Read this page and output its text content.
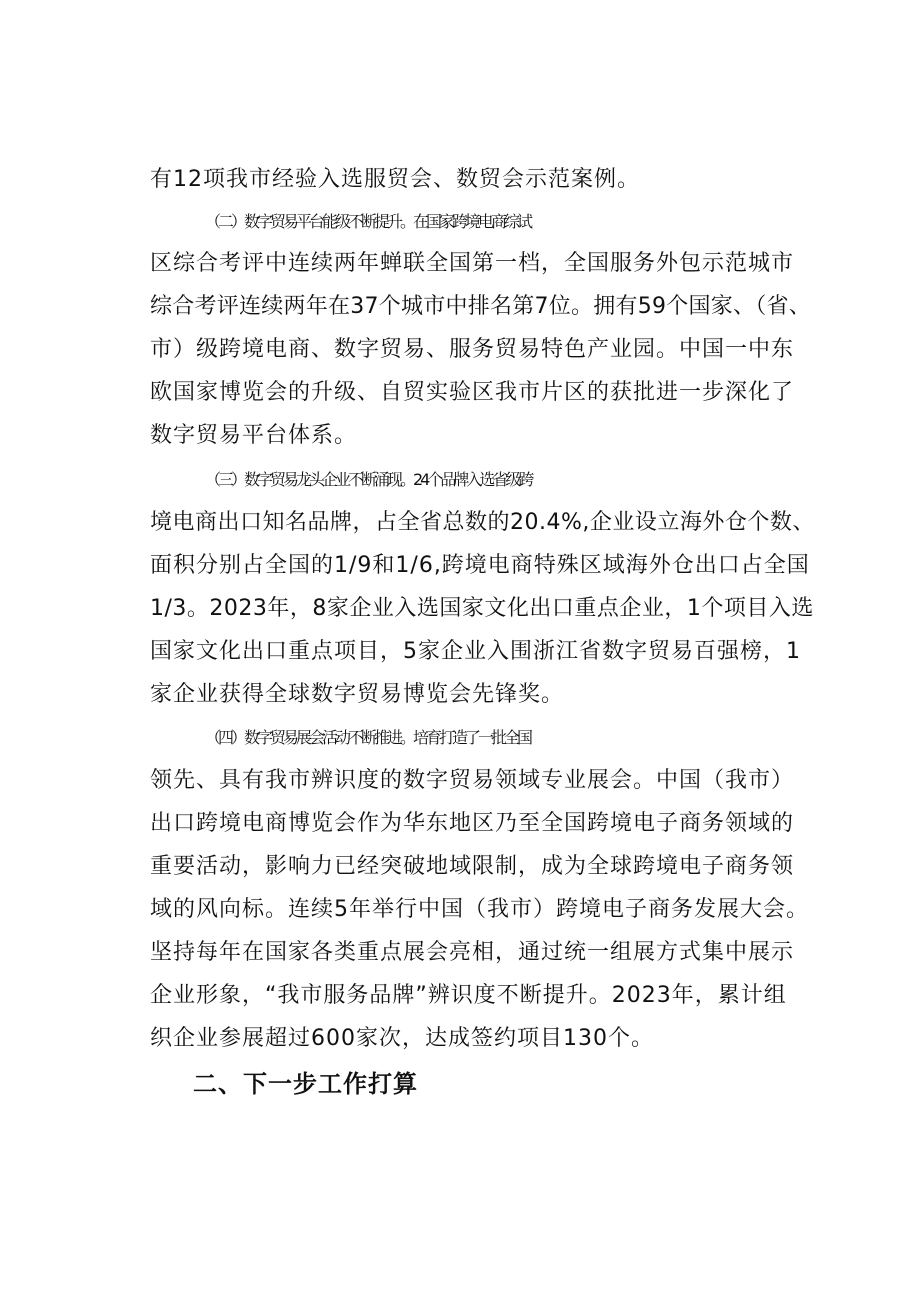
有12项我市经验入选服贸会、数贸会示范案例。
（二）数字贸易平台能级不断提升。在国家跨境电商综试
区综合考评中连续两年蝉联全国第一档，全国服务外包示范城市
综合考评连续两年在37个城市中排名第7位。拥有59个国家、（省、
市）级跨境电商、数字贸易、服务贸易特色产业园。中国一中东
欧国家博览会的升级、自贸实验区我市片区的获批进一步深化了
数字贸易平台体系。
（三）数字贸易龙头企业不断涌现。24个品牌入选省级跨
境电商出口知名品牌，占全省总数的20.4%,企业设立海外仓个数、
面积分别占全国的1/9和1/6,跨境电商特殊区域海外仓出口占全国
1/3。2023年，8家企业入选国家文化出口重点企业，1个项目入选
国家文化出口重点项目，5家企业入围浙江省数字贸易百强榜，1
家企业获得全球数字贸易博览会先锋奖。
（四）数字贸易展会活动不断推进。培育打造了一批全国
领先、具有我市辨识度的数字贸易领域专业展会。中国（我市）
出口跨境电商博览会作为华东地区乃至全国跨境电子商务领域的
重要活动，影响力已经突破地域限制，成为全球跨境电子商务领
域的风向标。连续5年举行中国（我市）跨境电子商务发展大会。
坚持每年在国家各类重点展会亮相，通过统一组展方式集中展示
企业形象，“我市服务品牌”辨识度不断提升。2023年，累计组
织企业参展超过600家次，达成签约项目130个。
二、下一步工作打算
